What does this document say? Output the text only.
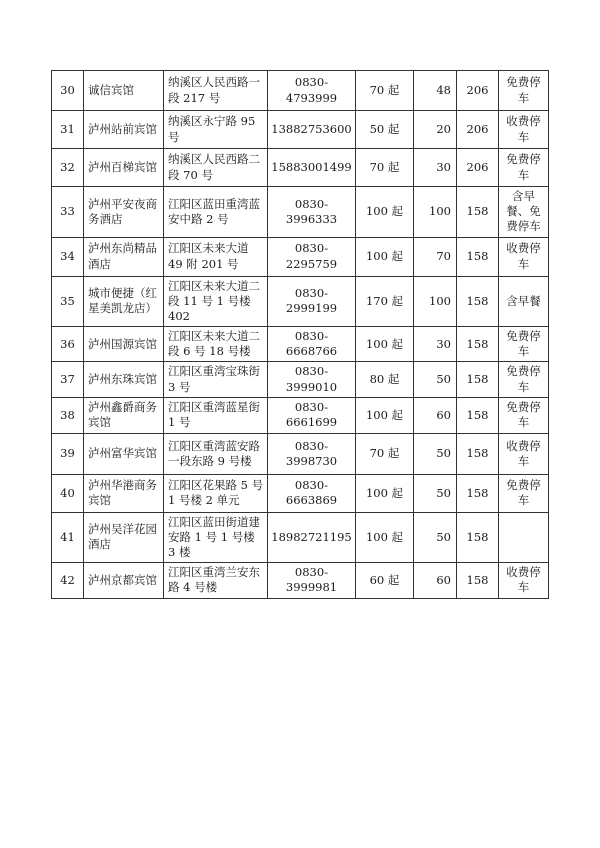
30	诚信宾馆	纳溪区人民西路一段 217 号	0830-4793999	70 起	48	206	免费停车
31	泸州站前宾馆	纳溪区永宁路 95 号	13882753600	50 起	20	206	收费停车
32	泸州百梯宾馆	纳溪区人民西路二段 70 号	15883001499	70 起	30	206	免费停车
33	泸州平安夜商务酒店	江阳区蓝田重湾蓝安中路 2 号	0830-3996333	100 起	100	158	含早餐、免费停车
34	泸州东尚精品酒店	江阳区未来大道 49 附 201 号	0830-2295759	100 起	70	158	收费停车
35	城市便捷（红星美凯龙店）	江阳区未来大道二段 11 号 1 号楼 402	0830-2999199	170 起	100	158	含早餐
36	泸州国源宾馆	江阳区未来大道二段 6 号 18 号楼	0830-6668766	100 起	30	158	免费停车
37	泸州东珠宾馆	江阳区重湾宝珠街 3 号	0830-3999010	80 起	50	158	免费停车
38	泸州鑫爵商务宾馆	江阳区重湾蓝星街 1 号	0830-6661699	100 起	60	158	免费停车
39	泸州富华宾馆	江阳区重湾蓝安路一段东路 9 号楼	0830-3998730	70 起	50	158	收费停车
40	泸州华港商务宾馆	江阳区花果路 5 号 1 号楼 2 单元	0830-6663869	100 起	50	158	免费停车
41	泸州吴洋花园酒店	江阳区蓝田街道建安路 1 号 1 号楼 3 楼	18982721195	100 起	50	158	
42	泸州京都宾馆	江阳区重湾兰安东路 4 号楼	0830-3999981	60 起	60	158	收费停车
